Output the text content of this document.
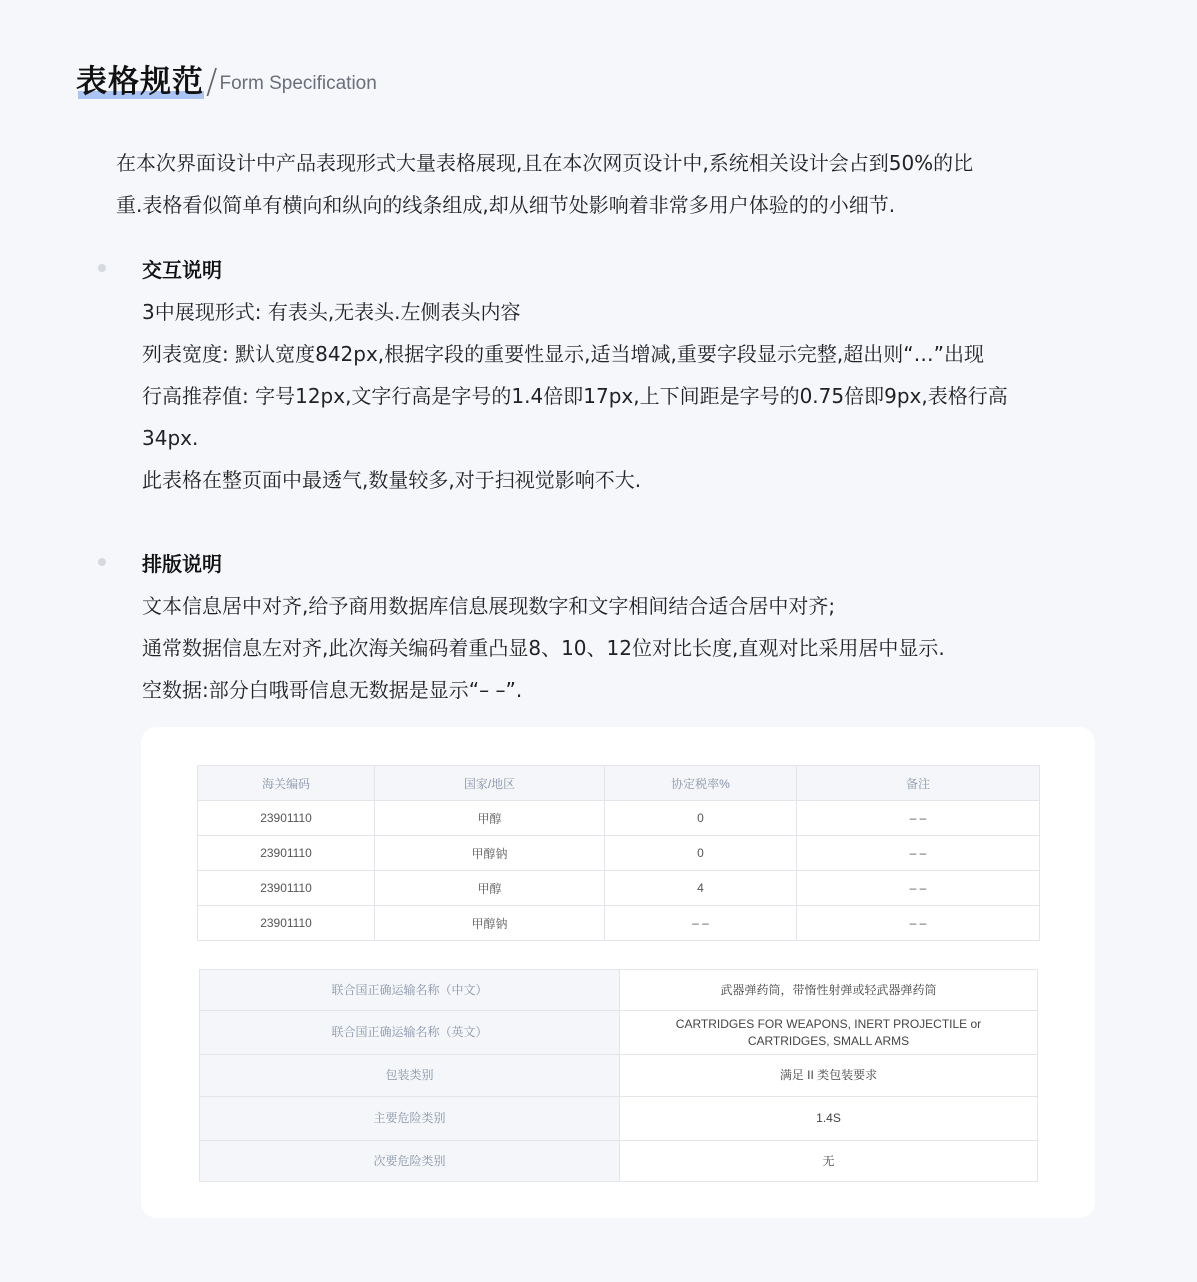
表格规范 / Form Specification
在本次界面设计中产品表现形式大量表格展现,且在本次网页设计中,系统相关设计会占到50%的比
重.表格看似简单有横向和纵向的线条组成,却从细节处影响着非常多用户体验的的小细节.
交互说明
3中展现形式: 有表头,无表头.左侧表头内容
列表宽度: 默认宽度842px,根据字段的重要性显示,适当增减,重要字段显示完整,超出则“…”出现
行高推荐值: 字号12px,文字行高是字号的1.4倍即17px,上下间距是字号的0.75倍即9px,表格行高
34px.
此表格在整页面中最透气,数量较多,对于扫视觉影响不大.
排版说明
文本信息居中对齐,给予商用数据库信息展现数字和文字相间结合适合居中对齐;
通常数据信息左对齐,此次海关编码着重凸显8、10、12位对比长度,直观对比采用居中显示.
空数据:部分白哦哥信息无数据是显示“– –”.
海关编码	国家/地区	协定税率%	备注
23901110	甲醇	0	– –
23901110	甲醇钠	0	– –
23901110	甲醇	4	– –
23901110	甲醇钠	– –	– –
联合国正确运输名称（中文）	武器弹药筒，带惰性射弹或轻武器弹药筒
联合国正确运输名称（英文）	CARTRIDGES FOR WEAPONS, INERT PROJECTILE or CARTRIDGES, SMALL ARMS
包装类别	满足 II 类包装要求
主要危险类别	1.4S
次要危险类别	无
